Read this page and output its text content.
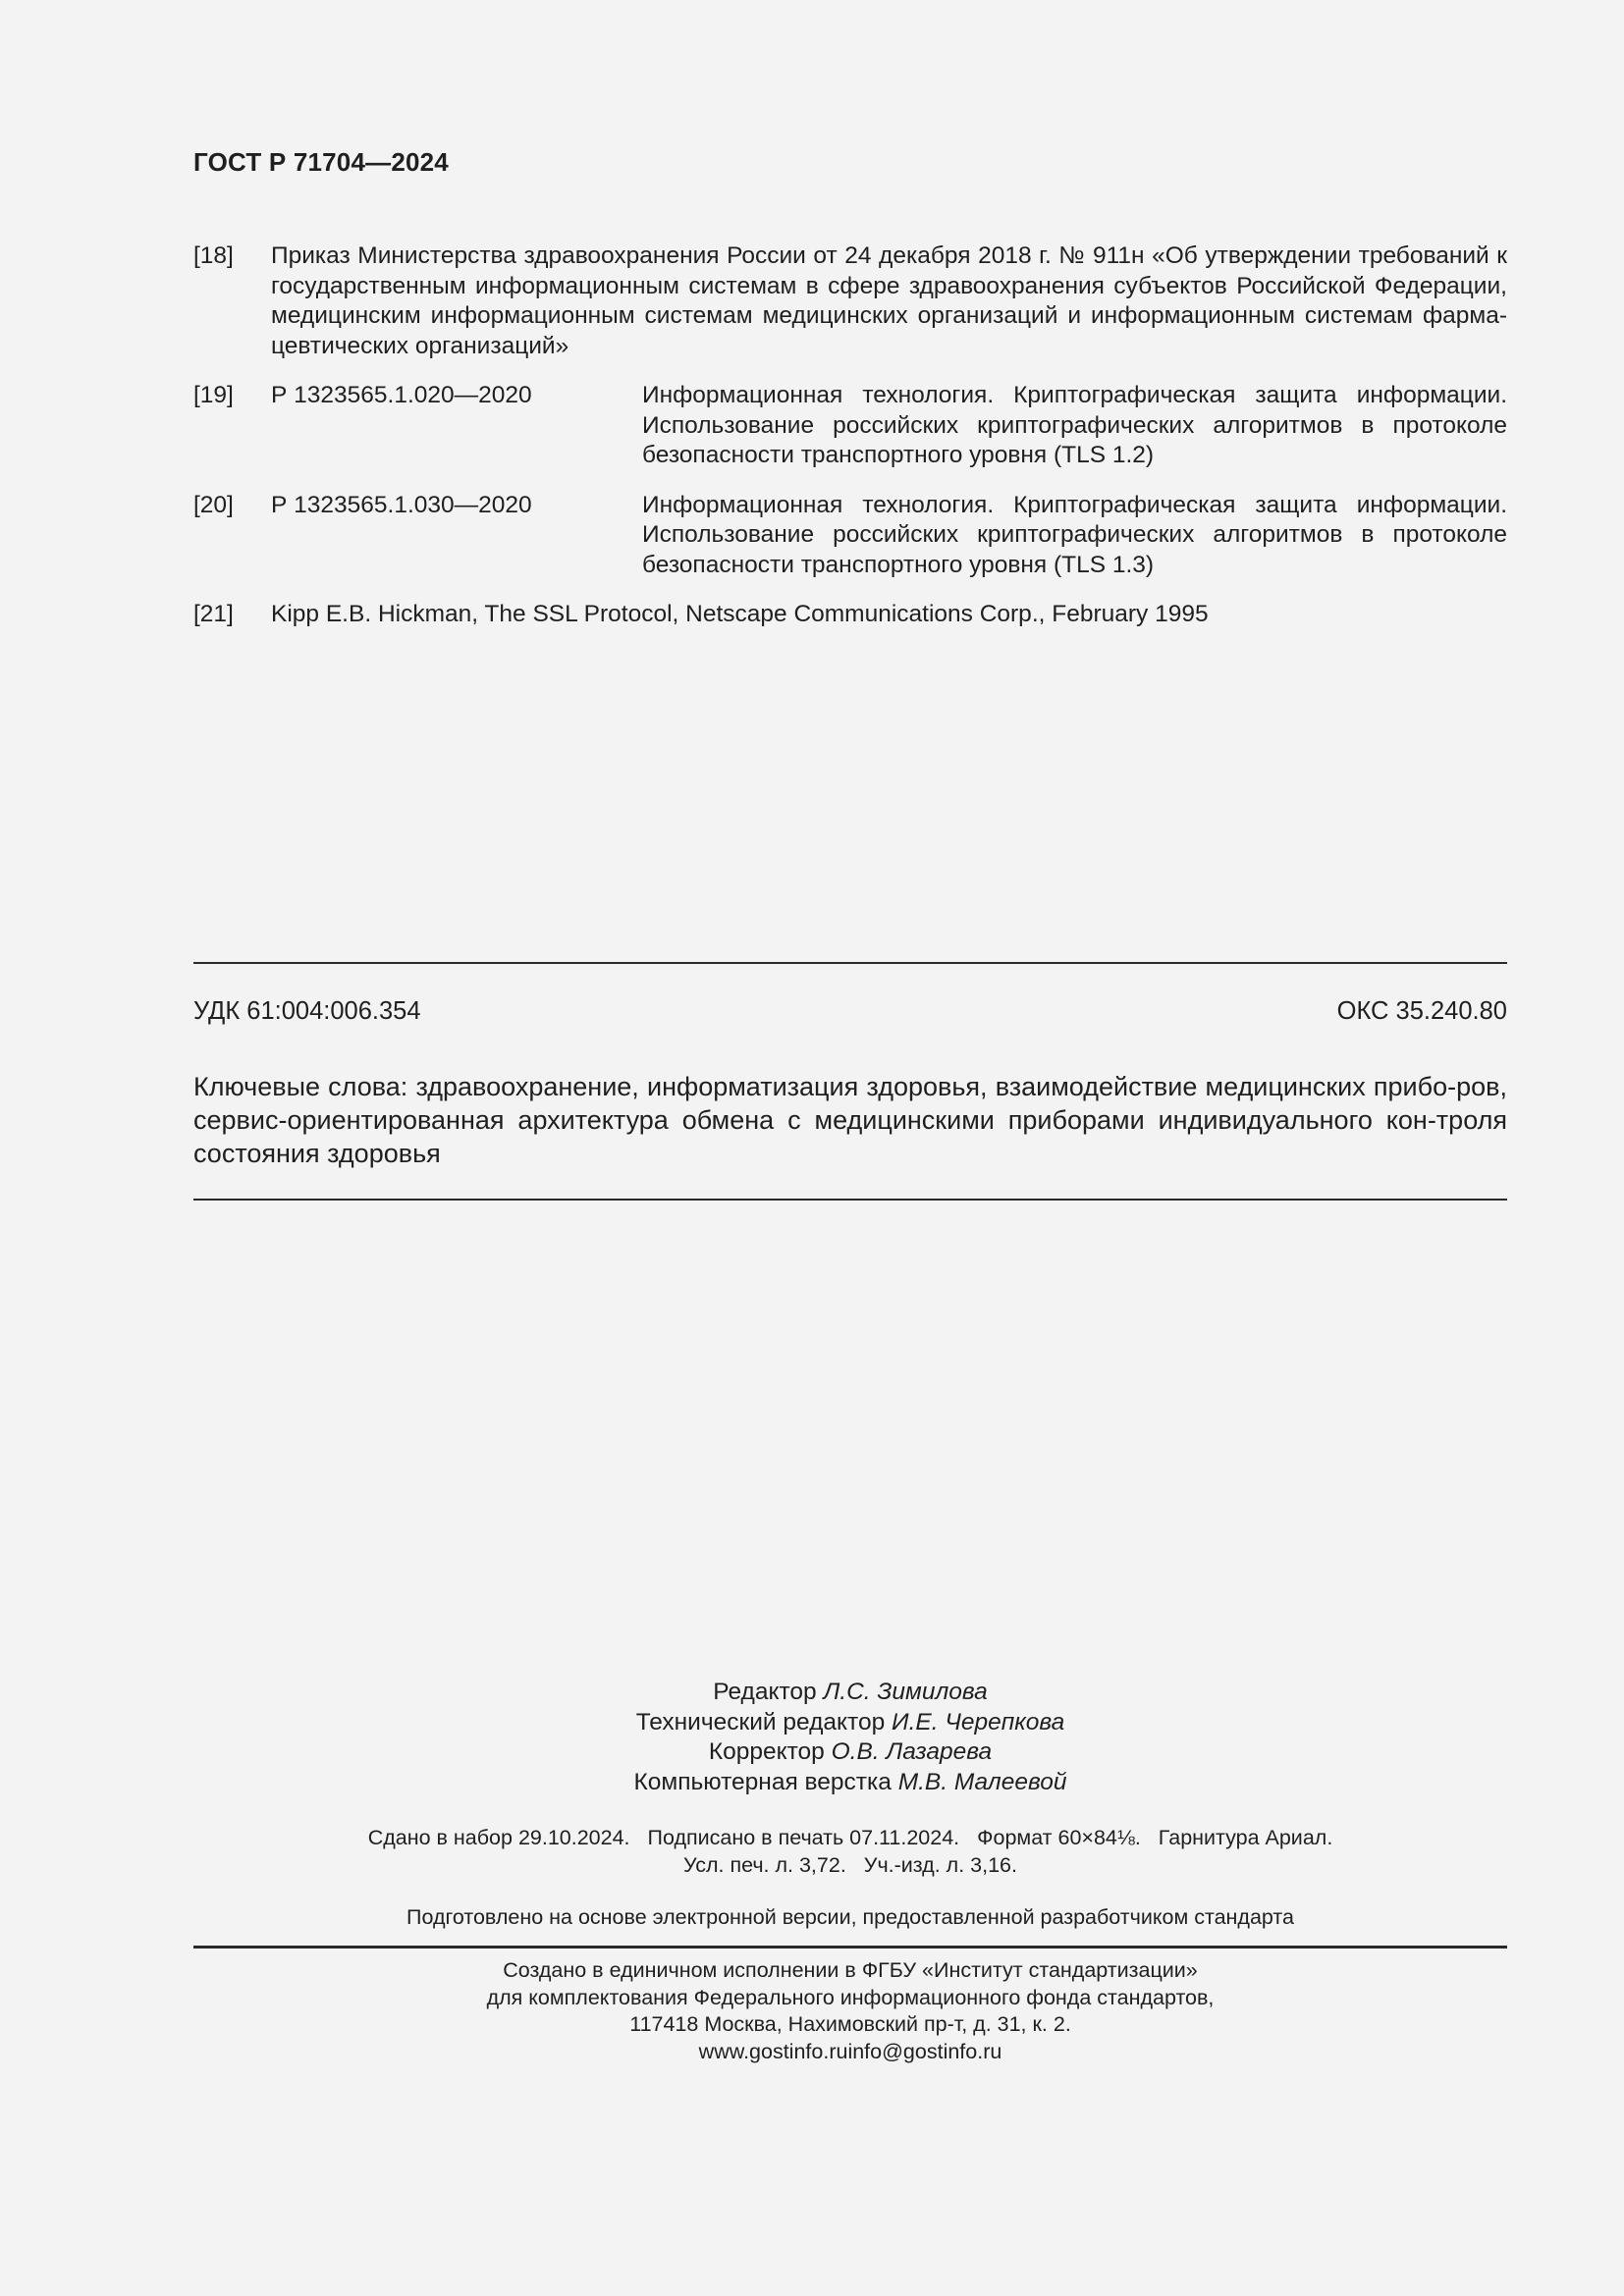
ГОСТ Р 71704—2024
[18]	Приказ Министерства здравоохранения России от 24 декабря 2018 г. № 911н «Об утверждении требований к государственным информационным системам в сфере здравоохранения субъектов Российской Федерации, медицинским информационным системам медицинских организаций и информационным системам фарма-цевтических организаций»
[19]	Р 1323565.1.020—2020	Информационная технология. Криптографическая защита информации. Использование российских криптографических алгоритмов в протоколе безопасности транспортного уровня (TLS 1.2)
[20]	Р 1323565.1.030—2020	Информационная технология. Криптографическая защита информации. Использование российских криптографических алгоритмов в протоколе безопасности транспортного уровня (TLS 1.3)
[21]	Kipp E.B. Hickman, The SSL Protocol, Netscape Communications Corp., February 1995
УДК 61:004:006.354	ОКС 35.240.80
Ключевые слова: здравоохранение, информатизация здоровья, взаимодействие медицинских прибо-ров, сервис-ориентированная архитектура обмена с медицинскими приборами индивидуального кон-троля состояния здоровья
Редактор Л.С. Зимилова
Технический редактор И.Е. Черепкова
Корректор О.В. Лазарева
Компьютерная верстка М.В. Малеевой
Сдано в набор 29.10.2024. Подписано в печать 07.11.2024. Формат 60×84⅛. Гарнитура Ариал.
Усл. печ. л. 3,72. Уч.-изд. л. 3,16.
Подготовлено на основе электронной версии, предоставленной разработчиком стандарта
Создано в единичном исполнении в ФГБУ «Институт стандартизации»
для комплектования Федерального информационного фонда стандартов,
117418 Москва, Нахимовский пр-т, д. 31, к. 2.
www.gostinfo.ruinfo@gostinfo.ru
